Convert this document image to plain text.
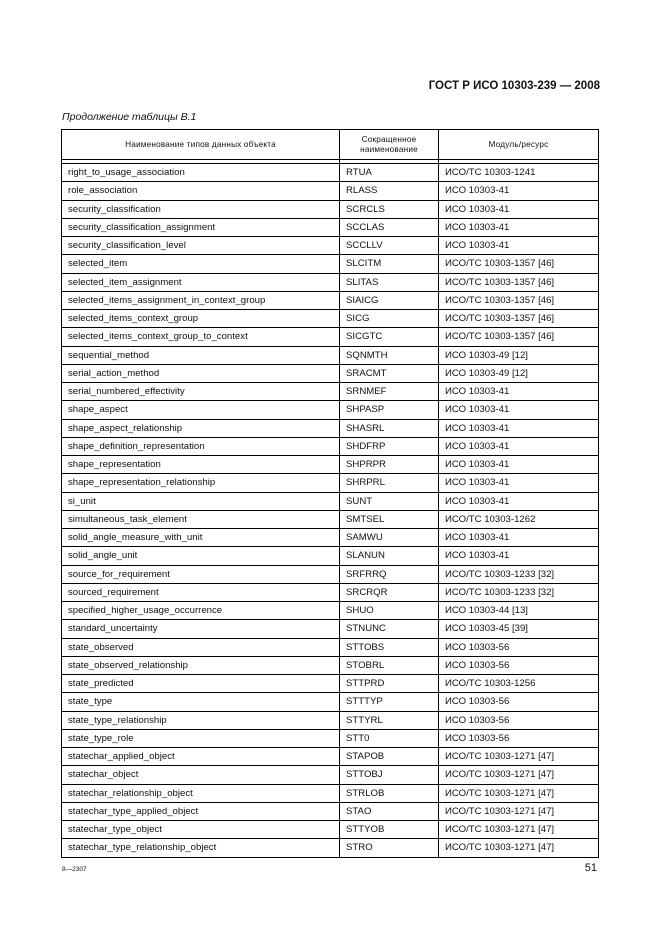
ГОСТ Р ИСО 10303-239 — 2008
Продолжение таблицы В.1
Наименование типов данных объекта	Сокращенное наименование	Модуль/ресурс

right_to_usage_association	RTUA	ИСО/ТС 10303-1241
role_association	RLASS	ИСО 10303-41
security_classification	SCRCLS	ИСО 10303-41
security_classification_assignment	SCCLAS	ИСО 10303-41
security_classification_level	SCCLLV	ИСО 10303-41
selected_item	SLCITM	ИСО/ТС 10303-1357 [46]
selected_item_assignment	SLITAS	ИСО/ТС 10303-1357 [46]
selected_items_assignment_in_context_group	SIAICG	ИСО/ТС 10303-1357 [46]
selected_items_context_group	SICG	ИСО/ТС 10303-1357 [46]
selected_items_context_group_to_context	SICGTC	ИСО/ТС 10303-1357 [46]
sequential_method	SQNMTH	ИСО 10303-49 [12]
serial_action_method	SRACMT	ИСО 10303-49 [12]
serial_numbered_effectivity	SRNMEF	ИСО 10303-41
shape_aspect	SHPASP	ИСО 10303-41
shape_aspect_relationship	SHASRL	ИСО 10303-41
shape_definition_representation	SHDFRP	ИСО 10303-41
shape_representation	SHPRPR	ИСО 10303-41
shape_representation_relationship	SHRPRL	ИСО 10303-41
si_unit	SUNT	ИСО 10303-41
simultaneous_task_element	SMTSEL	ИСО/ТС 10303-1262
solid_angle_measure_with_unit	SAMWU	ИСО 10303-41
solid_angle_unit	SLANUN	ИСО 10303-41
source_for_requirement	SRFRRQ	ИСО/ТС 10303-1233 [32]
sourced_requirement	SRCRQR	ИСО/ТС 10303-1233 [32]
specified_higher_usage_occurrence	SHUO	ИСО 10303-44 [13]
standard_uncertainty	STNUNC	ИСО 10303-45 [39]
state_observed	STTOBS	ИСО 10303-56
state_observed_relationship	STOBRL	ИСО 10303-56
state_predicted	STTPRD	ИСО/ТС 10303-1256
state_type	STTTYP	ИСО 10303-56
state_type_relationship	STTYRL	ИСО 10303-56
state_type_role	STT0	ИСО 10303-56
statechar_applied_object	STAPOB	ИСО/ТС 10303-1271 [47]
statechar_object	STTOBJ	ИСО/ТС 10303-1271 [47]
statechar_relationship_object	STRLOB	ИСО/ТС 10303-1271 [47]
statechar_type_applied_object	STAO	ИСО/ТС 10303-1271 [47]
statechar_type_object	STTYOB	ИСО/ТС 10303-1271 [47]
statechar_type_relationship_object	STRO	ИСО/ТС 10303-1271 [47]
8—2307	51
